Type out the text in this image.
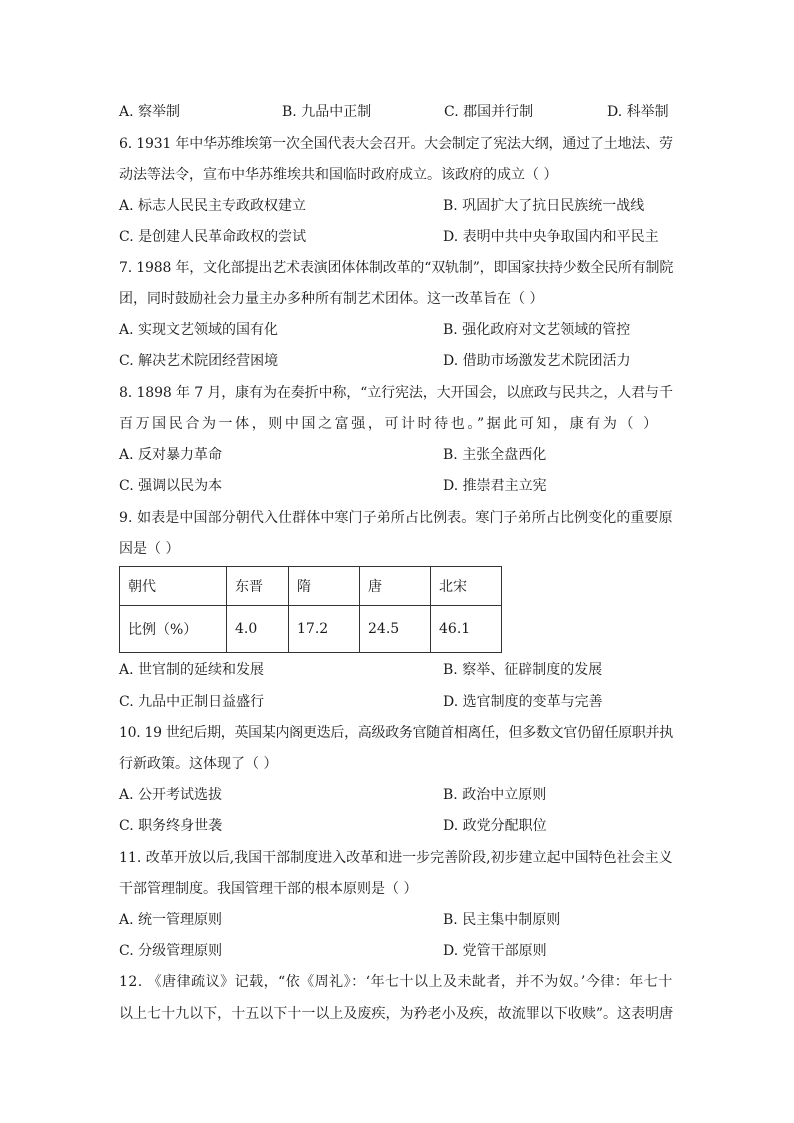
A. 察举制	B. 九品中正制	C. 郡国并行制	D. 科举制
6. 1931 年中华苏维埃第一次全国代表大会召开。大会制定了宪法大纲，通过了土地法、劳
动法等法令，宣布中华苏维埃共和国临时政府成立。该政府的成立（ ）
A. 标志人民民主专政政权建立	B. 巩固扩大了抗日民族统一战线
C. 是创建人民革命政权的尝试	D. 表明中共中央争取国内和平民主
7. 1988 年，文化部提出艺术表演团体体制改革的“双轨制”，即国家扶持少数全民所有制院
团，同时鼓励社会力量主办多种所有制艺术团体。这一改革旨在（ ）
A. 实现文艺领域的国有化	B. 强化政府对文艺领域的管控
C. 解决艺术院团经营困境	D. 借助市场激发艺术院团活力
8. 1898 年 7 月，康有为在奏折中称，“立行宪法，大开国会，以庶政与民共之，人君与千
百万国民合为一体，则中国之富强，可计时待也。”据此可知，康有为（ ）
A. 反对暴力革命	B. 主张全盘西化
C. 强调以民为本	D. 推崇君主立宪
9. 如表是中国部分朝代入仕群体中寒门子弟所占比例表。寒门子弟所占比例变化的重要原
因是（ ）
朝代	东晋	隋	唐	北宋
比例（%）	4.0	17.2	24.5	46.1
A. 世官制的延续和发展	B. 察举、征辟制度的发展
C. 九品中正制日益盛行	D. 选官制度的变革与完善
10. 19 世纪后期，英国某内阁更迭后，高级政务官随首相离任，但多数文官仍留任原职并执
行新政策。这体现了（ ）
A. 公开考试选拔	B. 政治中立原则
C. 职务终身世袭	D. 政党分配职位
11. 改革开放以后,我国干部制度进入改革和进一步完善阶段,初步建立起中国特色社会主义
干部管理制度。我国管理干部的根本原则是（ ）
A. 统一管理原则	B. 民主集中制原则
C. 分级管理原则	D. 党管干部原则
12. 《唐律疏议》记载，“依《周礼》：‘年七十以上及未龀者，并不为奴。’今律：年七十
以上七十九以下，十五以下十一以上及废疾，为矜老小及疾，故流罪以下收赎”。这表明唐
